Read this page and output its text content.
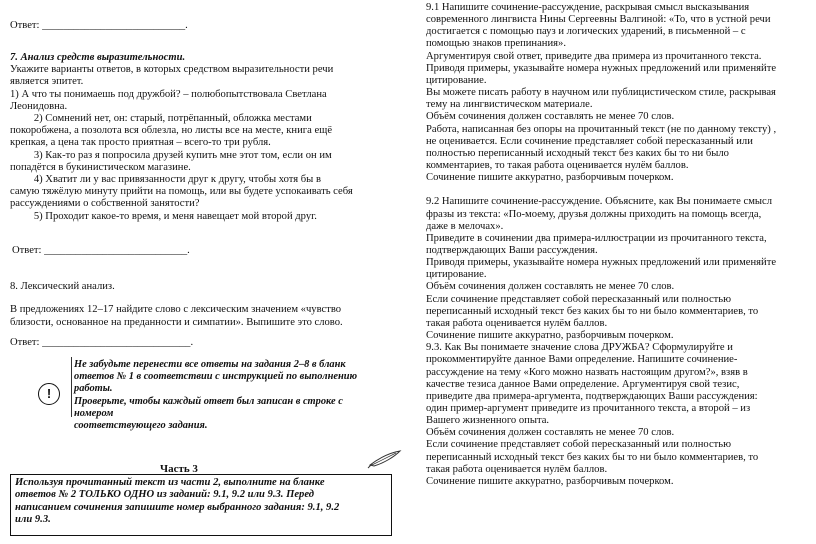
Ответ: ___________________________.
7. Анализ средств выразительности.
Укажите варианты ответов, в которых средством выразительности речи
является эпитет.
1) А что ты понимаешь под дружбой? – полюбопытствовала Светлана
Леонидовна.
2) Сомнений нет, он: старый, потрёпанный, обложка местами
покоробжена, а позолота вся облезла, но листы все на месте, книга ещё
крепкая, а цена так просто приятная – всего-то три рубля.
3) Как-то раз я попросила друзей купить мне этот том, если он им
попадётся в букинистическом магазине.
4) Хватит ли у вас привязанности друг к другу, чтобы хотя бы в
самую тяжёлую минуту прийти на помощь, или вы будете успокаивать себя
рассуждениями о собственной занятости?
5) Проходит какое-то время, и меня навещает мой второй друг.
Ответ: ___________________________.
8. Лексический анализ.
В предложениях 12–17 найдите слово с лексическим значением «чувство
близости, основанное на преданности и симпатии». Выпишите это слово.
Ответ: ____________________________.
!
Не забудьте перенести все ответы на задания 2–8 в бланк
ответов № 1 в соответствии с инструкцией по выполнению работы.
Проверьте, чтобы каждый ответ был записан в строке с номером
соответствующего задания.
Часть 3

Используя прочитанный текст из части 2, выполните на бланке

ответов № 2 ТОЛЬКО ОДНО из заданий: 9.1, 9.2 или 9.3. Перед

написанием сочинения запишите номер выбранного задания: 9.1, 9.2

или 9.3.

9.1 Напишите сочинение-рассуждение, раскрывая смысл высказывания
современного лингвиста Нины Сергеевны Валгиной: «То, что в устной речи
достигается с помощью пауз и логических ударений, в письменной – с
помощью знаков препинания».
Аргументируя свой ответ, приведите два примера из прочитанного текста.
Приводя примеры, указывайте номера нужных предложений или применяйте
цитирование.
Вы можете писать работу в научном или публицистическом стиле, раскрывая
тему на лингвистическом материале.
Объём сочинения должен составлять не менее 70 слов.
Работа, написанная без опоры на прочитанный текст (не по данному тексту) ,
не оценивается. Если сочинение представляет собой пересказанный или
полностью переписанный исходный текст без каких бы то ни было
комментариев, то такая работа оценивается нулём баллов.
Сочинение пишите аккуратно, разборчивым почерком.
9.2 Напишите сочинение-рассуждение. Объясните, как Вы понимаете смысл
фразы из текста: «По-моему, друзья должны приходить на помощь всегда,
даже в мелочах».
Приведите в сочинении два примера-иллюстрации из прочитанного текста,
подтверждающих Ваши рассуждения.
Приводя примеры, указывайте номера нужных предложений или применяйте
цитирование.
Объём сочинения должен составлять не менее 70 слов.
Если сочинение представляет собой пересказанный или полностью
переписанный исходный текст без каких бы то ни было комментариев, то
такая работа оценивается нулём баллов.
Сочинение пишите аккуратно, разборчивым почерком.
9.3. Как Вы понимаете значение слова ДРУЖБА? Сформулируйте и
прокомментируйте данное Вами определение. Напишите сочинение-
рассуждение на тему «Кого можно назвать настоящим другом?», взяв в
качестве тезиса данное Вами определение. Аргументируя свой тезис,
приведите два примера-аргумента, подтверждающих Ваши рассуждения:
один пример-аргумент приведите из прочитанного текста, а второй – из
Вашего жизненного опыта.
Объём сочинения должен составлять не менее 70 слов.
Если сочинение представляет собой пересказанный или полностью
переписанный исходный текст без каких бы то ни было комментариев, то
такая работа оценивается нулём баллов.
Сочинение пишите аккуратно, разборчивым почерком.
